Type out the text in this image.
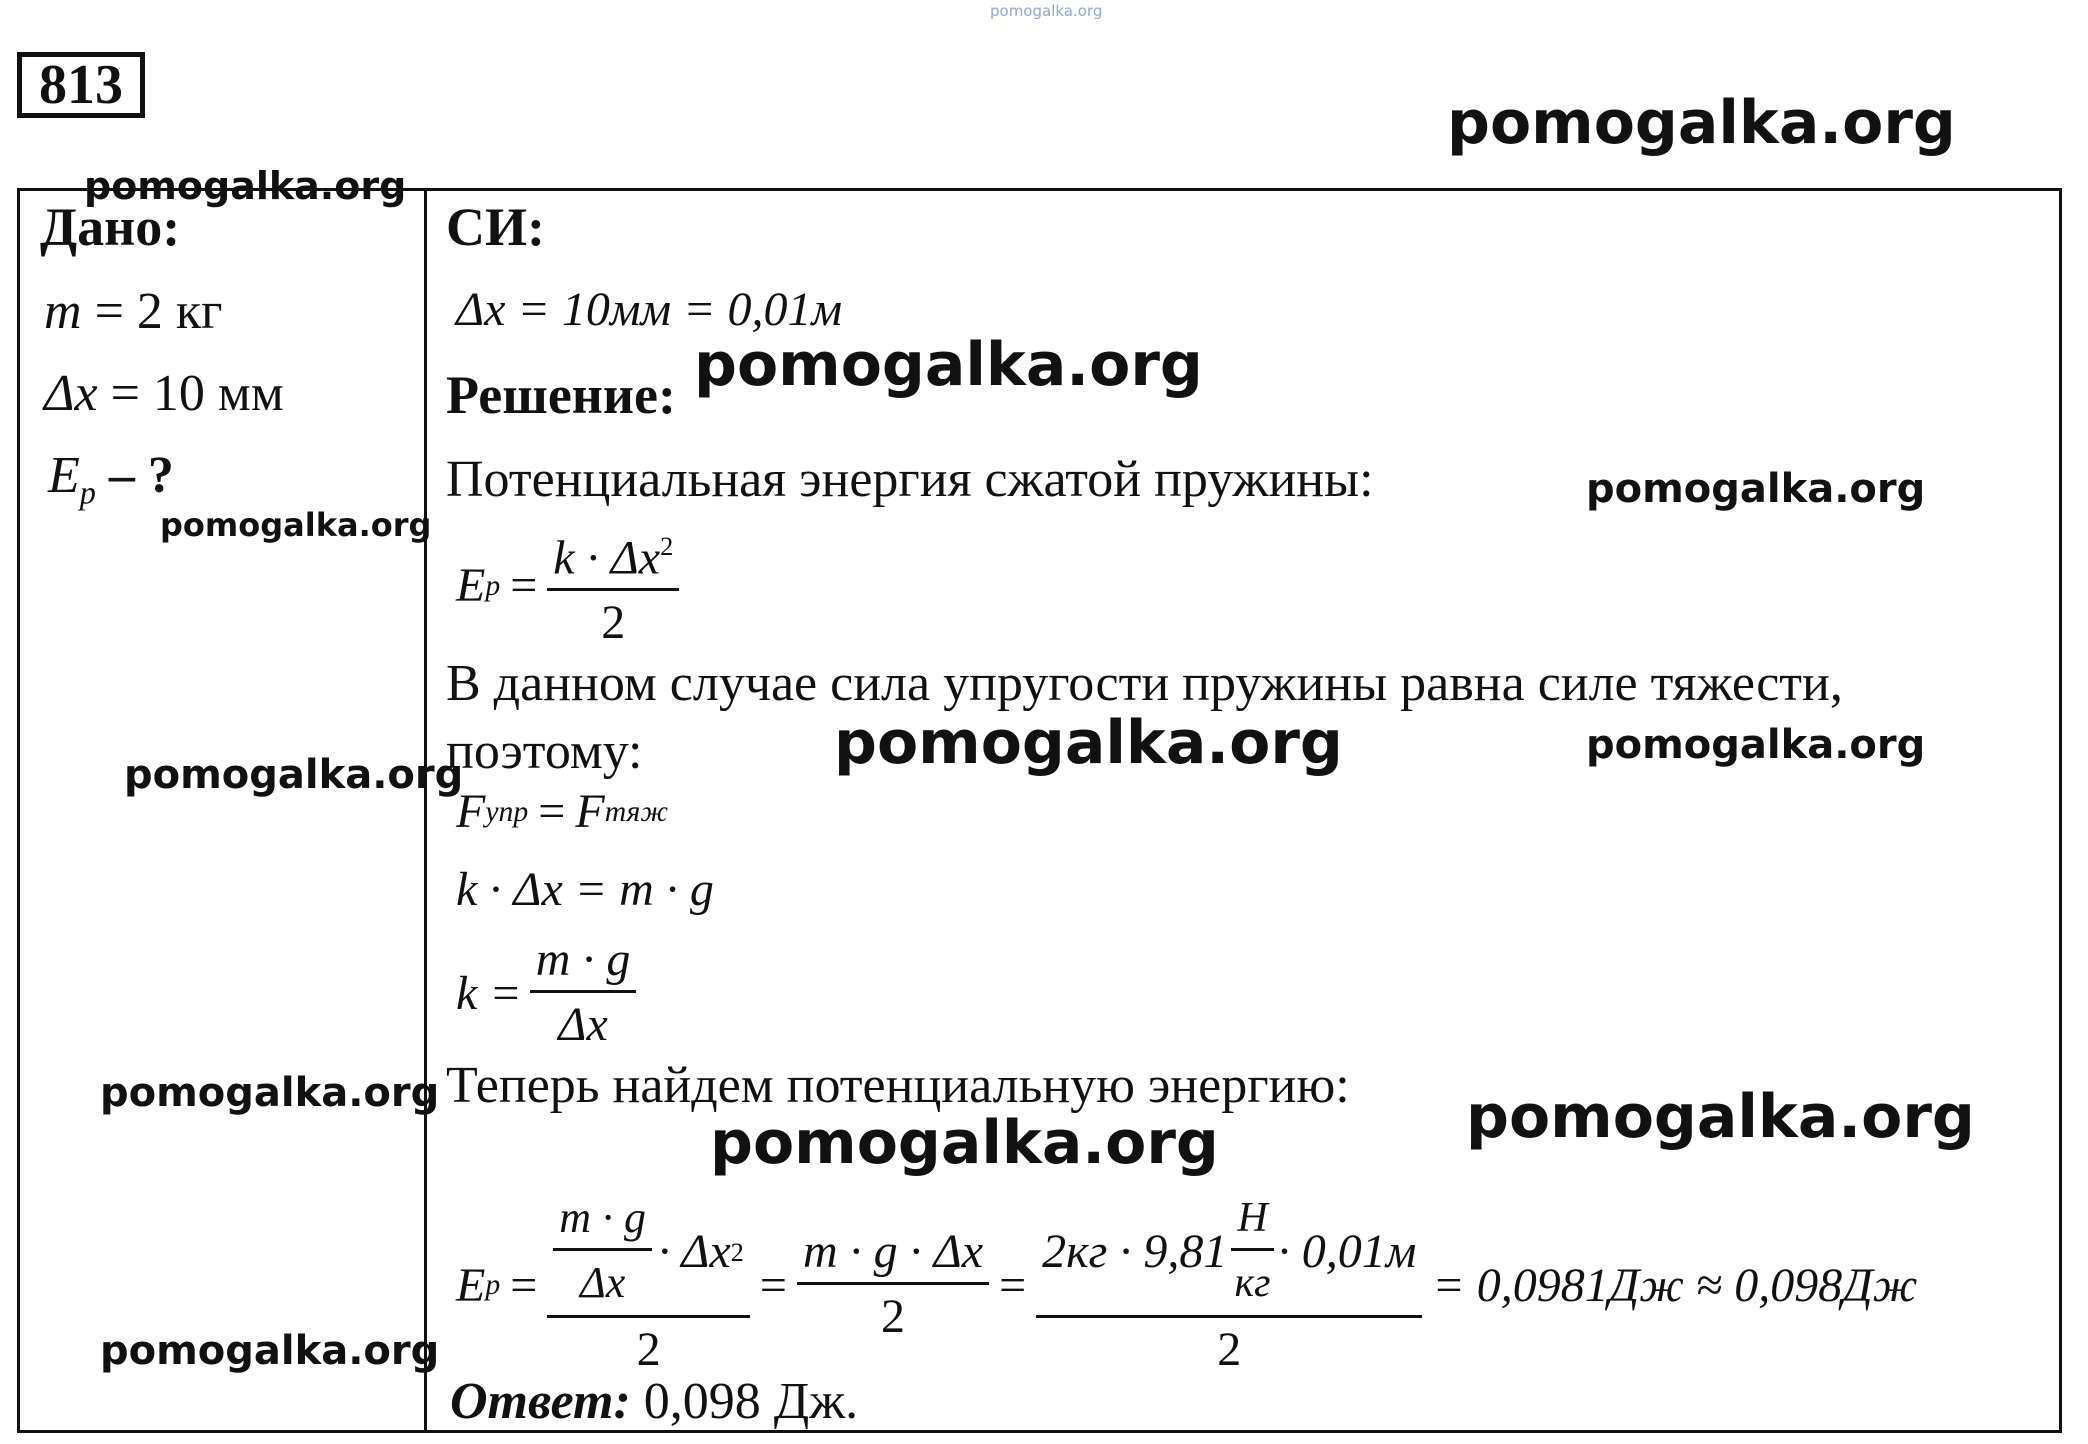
pomogalka.org
813
pomogalka.org
Дано:
pomogalka.org
m = 2 кг
Δx = 10 мм
$E_p$ – ?
pomogalka.org
pomogalka.org
pomogalka.org
pomogalka.org
СИ:
Δx = 10мм = 0,01м
Решение: pomogalka.org
Потенциальная энергия сжатой пружины:	pomogalka.org
E $p = \frac{k \cdot \Delta x^2}{2}$
В данном случае сила упругости пружины равна силе тяжести,
поэтому:	pomogalka.org	pomogalka.org
F упр = F тяж
k · Δx = m · g
$k = \frac{m \cdot g}{\Delta x}$
Теперь найдем потенциальную энергию: pomogalka.org
pomogalka.org
E $p = \frac{\frac{m \cdot g}{\Delta x} \cdot \Delta x 2}{2} = \frac{m \cdot g \cdot \Delta x}{2} = \frac{2кг \cdot 9,81 \frac{Н}{кг} \cdot 0,01м}{2} = 0,0981Дж \approx 0,098Дж$
Ответ: 0,098 Дж.
